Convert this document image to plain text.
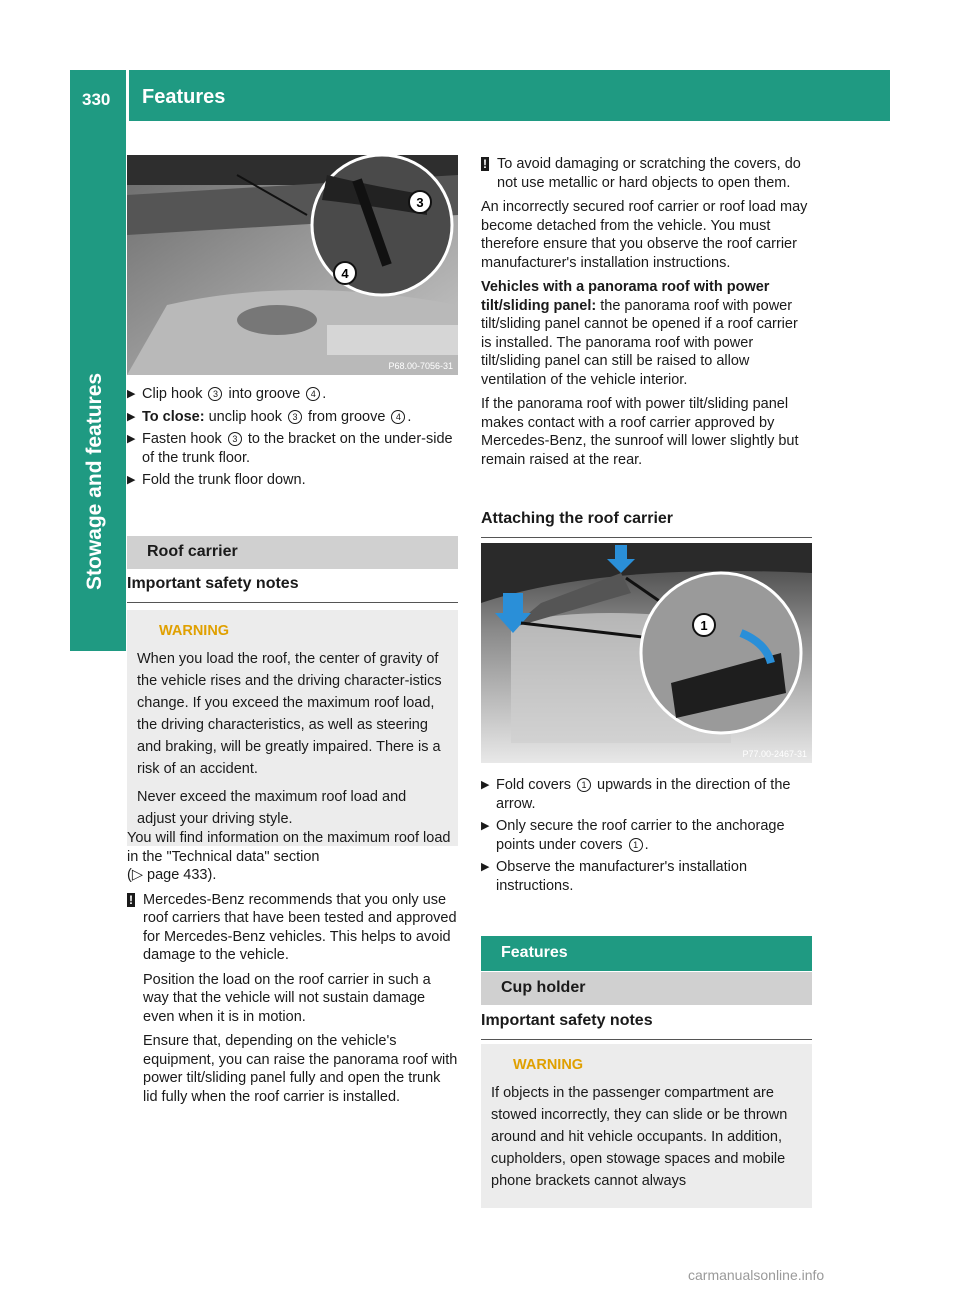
330 Features
Stowage and features
3
4
P68.00-7056-31
▶ Clip hook 3 into groove 4 .
▶ To close: unclip hook 3 from groove 4 .
▶ Fasten hook 3 to the bracket on the under-side of the trunk floor.
▶ Fold the trunk floor down.
Roof carrier
Important safety notes
WARNING

When you load the roof, the center of gravity of the vehicle rises and the driving character-istics change. If you exceed the maximum roof load, the driving characteristics, as well as steering and braking, will be greatly impaired. There is a risk of an accident.

Never exceed the maximum roof load and adjust your driving style.

You will find information on the maximum roof load in the "Technical data" section

(▷ page 433).

! Mercedes-Benz recommends that you only use roof carriers that have been tested and approved for Mercedes-Benz vehicles. This helps to avoid damage to the vehicle.

Position the load on the roof carrier in such a way that the vehicle will not sustain damage even when it is in motion.

Ensure that, depending on the vehicle's equipment, you can raise the panorama roof with power tilt/sliding panel fully and open the trunk lid fully when the roof carrier is installed.

! To avoid damaging or scratching the covers, do not use metallic or hard objects to open them.

An incorrectly secured roof carrier or roof load may become detached from the vehicle. You must therefore ensure that you observe the roof carrier manufacturer's installation instructions.

Vehicles with a panorama roof with power tilt/sliding panel: the panorama roof with power tilt/sliding panel cannot be opened if a roof carrier is installed. The panorama roof with power tilt/sliding panel can still be raised to allow ventilation of the vehicle interior.

If the panorama roof with power tilt/sliding panel makes contact with a roof carrier approved by Mercedes-Benz, the sunroof will lower slightly but remain raised at the rear.

Attaching the roof carrier
1
P77.00-2467-31
▶ Fold covers 1 upwards in the direction of the arrow.
▶ Only secure the roof carrier to the anchorage points under covers 1 .
▶ Observe the manufacturer's installation instructions.
Features
Cup holder
Important safety notes
WARNING

If objects in the passenger compartment are stowed incorrectly, they can slide or be thrown around and hit vehicle occupants. In addition, cupholders, open stowage spaces and mobile phone brackets cannot always

carmanualsonline.info
